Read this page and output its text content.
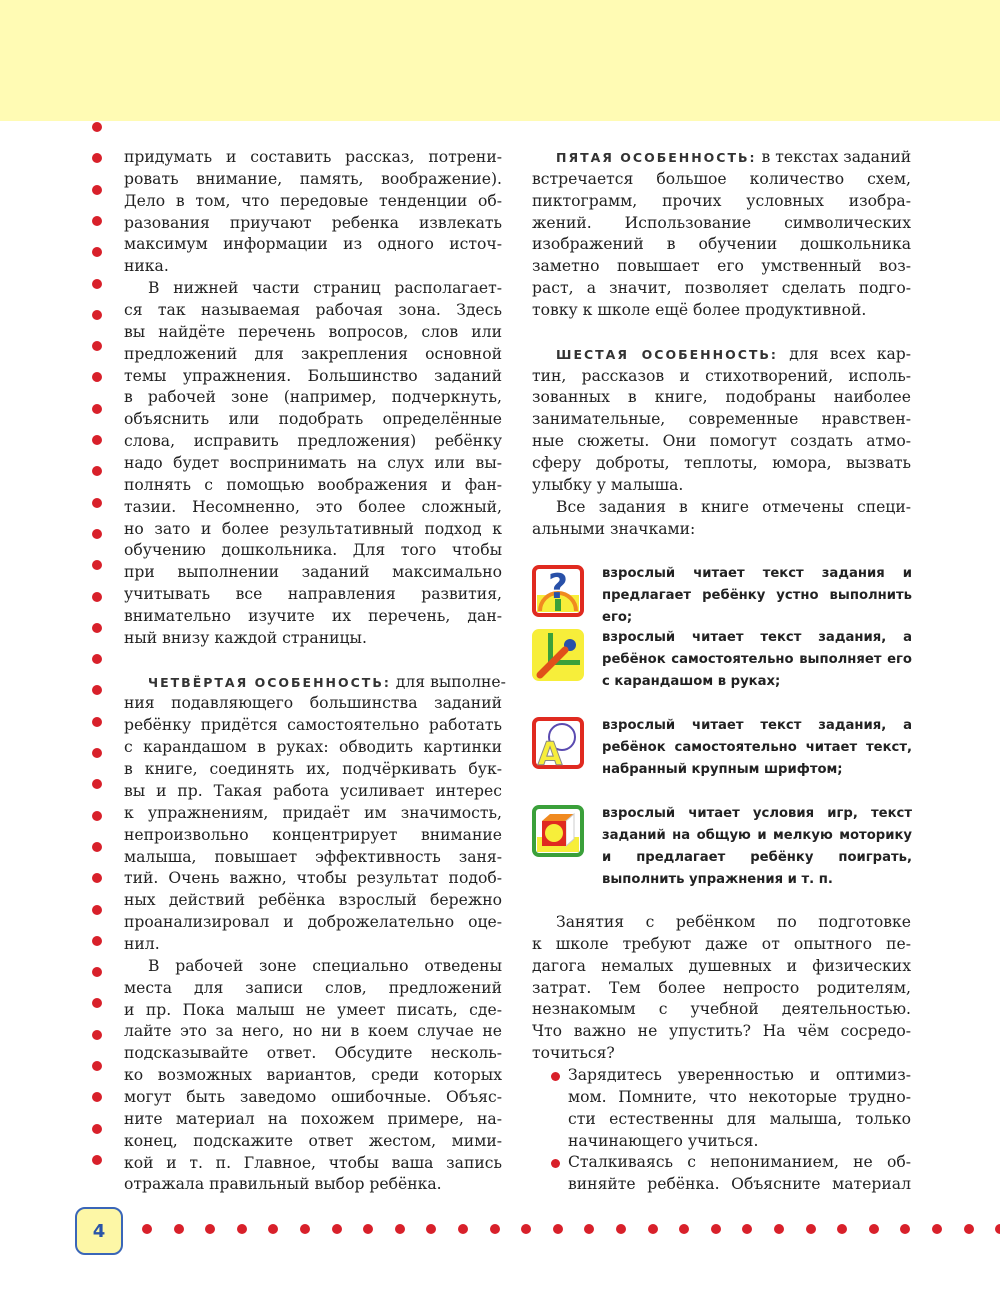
придумать и составить рассказ, потрени-
ровать внимание, память, воображение).
Дело в том, что передовые тенденции об-
разования приучают ребенка извлекать
максимум информации из одного источ-
ника.
В нижней части страниц располагает-
ся так называемая рабочая зона. Здесь
вы найдёте перечень вопросов, слов или
предложений для закрепления основной
темы упражнения. Большинство заданий
в рабочей зоне (например, подчеркнуть,
объяснить или подобрать определённые
слова, исправить предложения) ребёнку
надо будет воспринимать на слух или вы-
полнять с помощью воображения и фан-
тазии. Несомненно, это более сложный,
но зато и более результативный подход к
обучению дошкольника. Для того чтобы
при выполнении заданий максимально
учитывать все направления развития,
внимательно изучите их перечень, дан-
ный внизу каждой страницы.
ЧЕТВЁРТАЯ ОСОБЕННОСТЬ: для выполне-
ния подавляющего большинства заданий
ребёнку придётся самостоятельно работать
с карандашом в руках: обводить картинки
в книге, соединять их, подчёркивать бук-
вы и пр. Такая работа усиливает интерес
к упражнениям, придаёт им значимость,
непроизвольно концентрирует внимание
малыша, повышает эффективность заня-
тий. Очень важно, чтобы результат подоб-
ных действий ребёнка взрослый бережно
проанализировал и доброжелательно оце-
нил.
В рабочей зоне специально отведены
места для записи слов, предложений
и пр. Пока малыш не умеет писать, сде-
лайте это за него, но ни в коем случае не
подсказывайте ответ. Обсудите несколь-
ко возможных вариантов, среди которых
могут быть заведомо ошибочные. Объяс-
ните материал на похожем примере, на-
конец, подскажите ответ жестом, мими-
кой и т. п. Главное, чтобы ваша запись
отражала правильный выбор ребёнка.
ПЯТАЯ ОСОБЕННОСТЬ: в текстах заданий
встречается большое количество схем,
пиктограмм, прочих условных изобра-
жений. Использование символических
изображений в обучении дошкольника
заметно повышает его умственный воз-
раст, а значит, позволяет сделать подго-
товку к школе ещё более продуктивной.
ШЕСТАЯ ОСОБЕННОСТЬ: для всех кар-
тин, рассказов и стихотворений, исполь-
зованных в книге, подобраны наиболее
занимательные, современные нравствен-
ные сюжеты. Они помогут создать атмо-
сферу доброты, теплоты, юмора, вызвать
улыбку у малыша.
Все задания в книге отмечены специ-
альными значками:
?	взрослый читает текст задания и предлагает ребёнку устно выполнить его;
взрослый читает текст задания, а ребёнок самостоятельно выполняет его с карандашом в руках;
A
взрослый читает текст задания, а ребёнок самостоятельно читает текст, набранный крупным шрифтом;
взрослый читает условия игр, текст заданий на общую и мелкую моторику и предлагает ребёнку поиграть, выполнить упражнения и т. п.
Занятия с ребёнком по подготовке
к школе требуют даже от опытного пе-
дагога немалых душевных и физических
затрат. Тем более непросто родителям,
незнакомым с учебной деятельностью.
Что важно не упустить? На чём сосредо-
точиться?
Зарядитесь уверенностью и оптимиз-
мом. Помните, что некоторые трудно-
сти естественны для малыша, только
начинающего учиться.
Сталкиваясь с непониманием, не об-
виняйте ребёнка. Объясните материал
4
